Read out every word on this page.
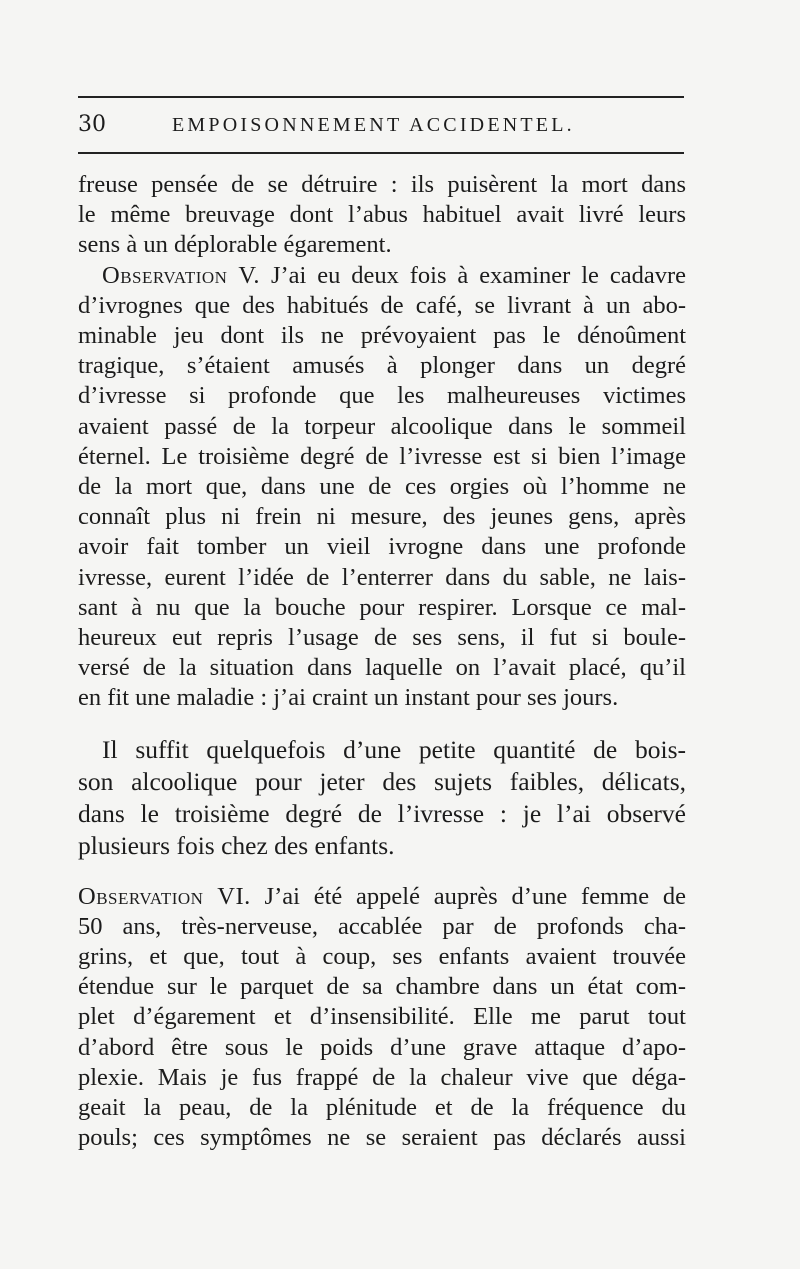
30	EMPOISONNEMENT ACCIDENTEL.

freuse pensée de se détruire : ils puisèrent la mort dans
le même breuvage dont l’abus habituel avait livré leurs
sens à un déplorable égarement.

Observation V. J’ai eu deux fois à examiner le cadavre
d’ivrognes que des habitués de café, se livrant à un abo-
minable jeu dont ils ne prévoyaient pas le dénoûment
tragique, s’étaient amusés à plonger dans un degré
d’ivresse si profonde que les malheureuses victimes
avaient passé de la torpeur alcoolique dans le sommeil
éternel. Le troisième degré de l’ivresse est si bien l’image
de la mort que, dans une de ces orgies où l’homme ne
connaît plus ni frein ni mesure, des jeunes gens, après
avoir fait tomber un vieil ivrogne dans une profonde
ivresse, eurent l’idée de l’enterrer dans du sable, ne lais-
sant à nu que la bouche pour respirer. Lorsque ce mal-
heureux eut repris l’usage de ses sens, il fut si boule-
versé de la situation dans laquelle on l’avait placé, qu’il
en fit une maladie : j’ai craint un instant pour ses jours.

Il suffit quelquefois d’une petite quantité de bois-
son alcoolique pour jeter des sujets faibles, délicats,
dans le troisième degré de l’ivresse : je l’ai observé
plusieurs fois chez des enfants.

Observation VI. J’ai été appelé auprès d’une femme de
50 ans, très-nerveuse, accablée par de profonds cha-
grins, et que, tout à coup, ses enfants avaient trouvée
étendue sur le parquet de sa chambre dans un état com-
plet d’égarement et d’insensibilité. Elle me parut tout
d’abord être sous le poids d’une grave attaque d’apo-
plexie. Mais je fus frappé de la chaleur vive que déga-
geait la peau, de la plénitude et de la fréquence du
pouls; ces symptômes ne se seraient pas déclarés aussi
